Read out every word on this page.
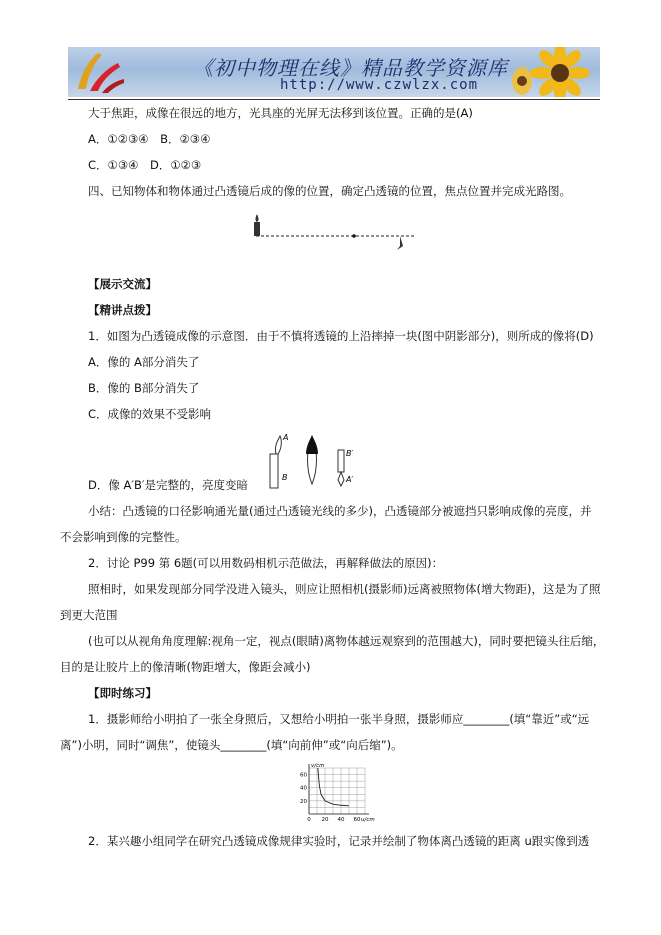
《初中物理在线》精品教学资源库
http://www.czwlzx.com
大于焦距，成像在很远的地方，光具座的光屏无法移到该位置。正确的是(A)
A．①②③④　B．②③④
C．①③④　D．①②③
四、已知物体和物体通过凸透镜后成的像的位置，确定凸透镜的位置，焦点位置并完成光路图。
【展示交流】
【精讲点拨】
1．如图为凸透镜成像的示意图．由于不慎将透镜的上沿摔掉一块(图中阴影部分)，则所成的像将(D)
A．像的 A部分消失了
B．像的 B部分消失了
C．成像的效果不受影响
A
B
B′
A′
D．像 A′B′是完整的，亮度变暗
小结：凸透镜的口径影响通光量(通过凸透镜光线的多少)，凸透镜部分被遮挡只影响成像的亮度，并
不会影响到像的完整性。
2．讨论 P99 第 6题(可以用数码相机示范做法，再解释做法的原因)：
照相时，如果发现部分同学没进入镜头，则应让照相机(摄影师)远离被照物体(增大物距)，这是为了照
到更大范围
(也可以从视角角度理解:视角一定，视点(眼睛)离物体越远观察到的范围越大)，同时要把镜头往后缩，
目的是让胶片上的像清晰(物距增大，像距会减小)
【即时练习】
1．摄影师给小明拍了一张全身照后，又想给小明拍一张半身照，摄影师应________(填“靠近”或“远
离”)小明，同时“调焦”，使镜头________(填“向前伸”或“向后缩”)。
0 20 40 60
60
40
20
v/cm
u/cm
2．某兴趣小组同学在研究凸透镜成像规律实验时，记录并绘制了物体离凸透镜的距离 u跟实像到透
